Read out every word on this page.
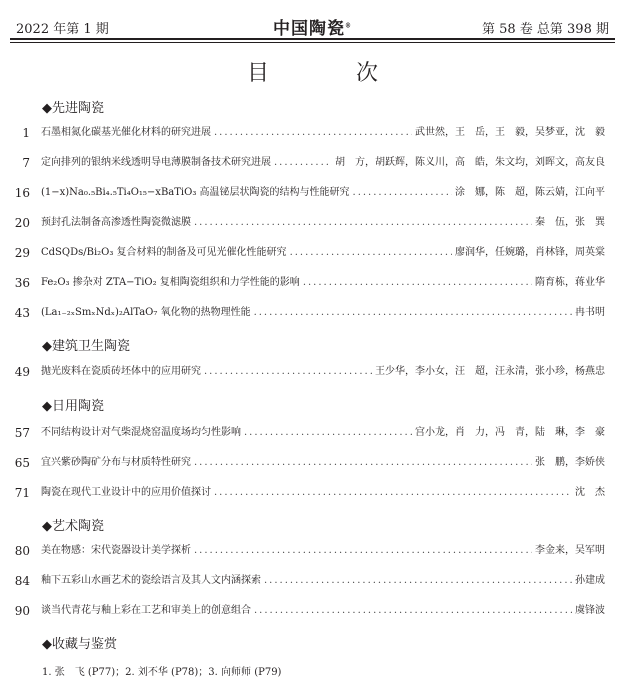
2022 年第 1 期	中国陶瓷®	第 58 卷 总第 398 期
目 次
◆先进陶瓷
1 石墨相氮化碳基光催化材料的研究进展 .....	武世然，王　岳，王　毅，吴梦亚，沈　毅
7 定向排列的银纳米线透明导电薄膜制备技术研究进展 .....	胡　方，胡跃辉，陈义川，高　皓，朱文均，刘晖文，高友良
16 (1−x)Na₀.₅Bi₄.₅Ti₄O₁₅−xBaTiO₃ 高温铋层状陶瓷的结构与性能研究 .....	涂　娜，陈　超，陈云婧，江向平
20 预封孔法制备高渗透性陶瓷微滤膜 .....	秦　伍，张　巽
29 CdSQDs/Bi₂O₃ 复合材料的制备及可见光催化性能研究 .....	廖润华，任婉璐，肖林锋，周英棠
36 Fe₂O₃ 掺杂对 ZTA−TiO₂ 复相陶瓷组织和力学性能的影响 .....	隋育栋，蒋业华
43 (La₁₋₂ₓSmₓNdₓ)₂AlTaO₇ 氧化物的热物理性能 .....	冉书明
◆建筑卫生陶瓷
49 抛光废料在瓷质砖坯体中的应用研究 .....	王少华，李小女，汪　超，汪永清，张小珍，杨燕忠
◆日用陶瓷
57 不同结构设计对气柴混烧窑温度场均匀性影响 .....	宫小龙，肖　力，冯　青，陆　琳，李　豪
65 宜兴紫砂陶矿分布与材质特性研究 .....	张　鹏，李娇侠
71 陶瓷在现代工业设计中的应用价值探讨 .....	沈　杰
◆艺术陶瓷
80 美在物感：宋代瓷器设计美学探析 .....	李金来，吴军明
84 釉下五彩山水画艺术的瓷绘语言及其人文内涵探索 .....	孙建成
90 谈当代青花与釉上彩在工艺和审美上的创意组合 .....	虞锋波
◆收藏与鉴赏
1. 张　飞 (P77)；2. 刘不华 (P78)；3. 向师师 (P79)
